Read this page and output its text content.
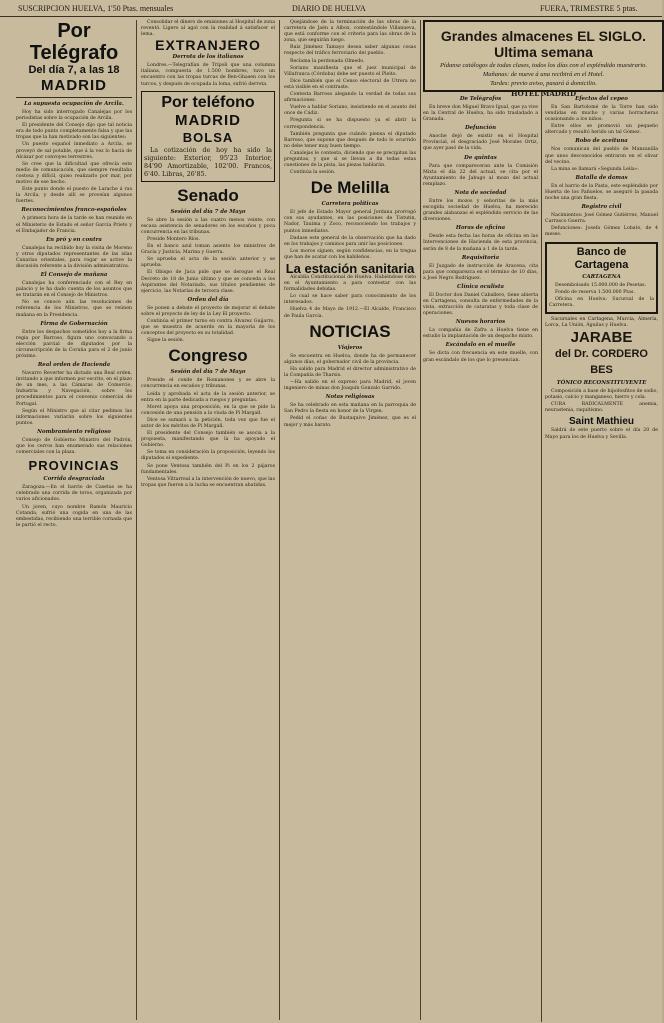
SUSCRIPCION HUELVA, 1'50 Ptas. mensuales	DIARIO DE HUELVA	FUERA, TRIMESTRE 5 ptas.
Por Telégrafo
Del día 7, a las 18
MADRID
La supuesta ocupación de Arcila.

Hoy ha sido interrogado Canalejas por los periodistas sobre la ocupación de Arcila.

El presidente del Consejo dijo que tal noticia era de todo punto completamente falsa y que las tropas que la han motivado son las siguientes:

Un puesto español inmediato a Arcila, se proveyó de sal potable, que á la vez lo hacía de Alcázar por convoyes terrestres.

Se cree que la dificultad que ofrecía este medio de comunicación, que siempre resultaba costosa y difícil, quiso realizarlo por mar, por motivo de ese hecho.

Este punto donde el puesto de Larache á ras la Arcila, y desde allí se proveían algunos fuertes.

Reconocimientos franco-españoles

A primera hora de la tarde se han reunido en el Ministerio de Estado el señor García Prieto y el Embajador de Francia.

En pró y en contra

Canalejas ha recibido hoy la visita de Moreno y otros diputados representantes de las islas Canarias orientales, para rogar se active la discusión referente a la división administrativa.

El Consejo de mañana

Canalejas ha conferenciado con el Rey en palacio y le ha dado cuenta de los asuntos que se tratarán en el Consejo de Ministros.

No se conoce aún las resoluciones de referencia de los Ministros, que se reúnen mañana en la Presidencia.

Firma de Gobernación

Entre los despachos sometidos hoy a la firma regia por Barroso, figura uno convocando a elección parcial de diputados por la circunscripción de la Coruña para el 2 de junio próximo.

Real orden de Hacienda

Navarro Reverter ha dictado una Real orden, invitando a que informen por escrito, en el plazo de un mes, a las Cámaras de Comercio, Industria y Navegación, sobre los procedimientos para el convenio comercial de Portugal.

Según el Ministro que al citar pedimos las informaciones variarán sobre los siguientes puntos.

Nombramiento religioso

Consejo de Gobierno Ministro del Padrón, que los cerros han enumerado sus relaciones comerciales con la plaza.

PROVINCIAS
Corrida desgraciada

Zaragoza.—En el barrio de Casetas se ha celebrado una corrida de toros, organizada por varios aficionados.

Un joven, cuyo nombre Ramón Mauricio Cotanda, sufrió una cogida en una de las embestidas, recibiendo una terrible cornada que le partió el recto.

Consolidar el dinero de emisiones al Hospital de zona reventó. Ligero al agol con la realidad á satisfacer el lema.

EXTRANJERO
Derrota de los italianos

Londres.—Telegrafían de Trípoli que una columna italiana, compuesta de 1.500 hombres, tuvo un encuentro con las tropas turcas de Ben-Ghasen con los turcos, y después de ocupada la loma, sufrió derrota.

Por teléfono
MADRID
BOLSA

La cotización de hoy ha sido la siguiente: Exterior, 95'23 Interior, 84'90 Amortizable, 102'00. Francos, 6'40. Libras, 26'85.

Senado
Sesión del día 7 de Mayo

Se abre la sesión a las cuatro menos veinte, con escasa asistencia de senadores en los escaños y poca concurrencia en las tribunas.

Preside Montero Ríos.

En el banco azul toman asiento los ministros de Gracia y Justicia, Marina y Guerra.

Se aprueba el acta de la sesión anterior y se aprueba.

El Obispo de Jaca pide que se derogue el Real Decreto de 18 de Junio último y que se conceda a los Aspirantes del Notariado, sus títulos pendientes de ejercicio, las Notarías de tercera clase.

Orden del día

Se ponen a debate el proyecto de mejorar el debate sobre el proyecto de ley de la Ley El proyecto.

Continúa el primer turno en contra Álvarez Guijarro, que se muestra de acuerdo en la mayoría de los conceptos del proyecto en su totalidad.

Sigue la sesión.

Congreso
Sesión del día 7 de Mayo

Preside el conde de Romanones y se abre la concurrencia en escaños y tribunas.

Leída y aprobada el acta de la sesión anterior, se entra en la parte dedicada a ruegos y preguntas.

Moret apoya una proposición, en la que se pide la concesión de una pensión a la viuda de Pí Margall.

Dice se sumará a la petición, toda vez que fue el autor de los méritos de Pí Margall.

El presidente del Consejo también se asocia a la propuesta, manifestando que la ha apoyado el Gobierno.

Se toma en consideración la proposición, leyendo los diputados el expediente.

Se pone Ventosa también del Pi en los 2 pájaros fundamentales.

Ventosa Vittarreal a la intervención de nuevo, que las tropas que fueron a la lucha se encuentran abatidas.

Quejándose de la terminación de las obras de la carretera de Jaén a Albox, contestándole Villanueva, que está conforme con el criterio para las obras de la zona, que seguirán luego.

Ruiz Jiménez Tamayo desea saber algunas cosas respecto del tráfico ferroviario del pueblo.

Reclama la perdonada Olmedo.

Soriano manifiesta que el juez municipal de Villafranca (Córdoba) debe ser puesto el Pleito.

Dice también que el Censo electoral de Utrera no está visible en el contraste.

Contesta Barroso alegando la verdad de todas sus afirmaciones.

Vuelve a hablar Soriano, insistiendo en el asunto del once de Cádiz.

Pregunta si se ha dispuesto ya el abrir la correspondencia.

También pregunta que cuándo piensa el diputado Barroso, que supone que después de todo lo ocurrido no debe tener muy buen tiempo.

Canalejas le contesta, diciendo que se precipitan las preguntas, y que si se llevan a fin todas estas cuestiones de la pista, las piezas hablarán.

Contínúa la sesión.

De Melilla
Carretera políticas

El jefe de Estado Mayor general Jordana prorrogó con sus ayudantes, en las posiciones de Tistutin, Nador, Tauima y Zoco, reconociendo los trabajos y puntos inmediatos.

Dadase este general de la observación que ha dado en los trabajos y caminos para unir las posiciones.

Los moros siguen, según confidencias, en la tregua que han de acatar con los kabileños.

La estación sanitaria

Alcaldía Constitucional de Huelva. Habiéndose visto en el Ayuntamiento a para contestar con las formalidades debidas.

Lo cual se hace saber para conocimiento de los interesados.

Huelva 4 de Mayo de 1912.—El Alcalde, Francisco de Paula García.

NOTICIAS
Viajeros

Se encuentra en Huelva, donde ha de permanecer algunos días, el gobernador civil de la provincia.

Ha salido para Madrid el director administrativo de la Compañía de Tharsis.

—Ha salido en el expreso para Madrid, el joven ingeniero de minas don Joaquín Gonzalo Garrido.

Notas religiosas

Se ha celebrado en esta mañana en la parroquia de San Pedro la fiesta en honor de la Virgen.

Pedid el coñac de Bustaquivo Jiménez, que es el mejor y más barato.

Grandes almacenes EL SIGLO. Ultima semana
Pídanse catálogos de todas clases, todos los días con el expléndido muestrario.
Mañanas: de nueve á una recibirá en el Hotel.
Tardes: previo aviso, pasará á domicilio.
HOTEL MADRID
De Telégrafos

En breve don Miguel Bravo Igual, que ya vive en la Central de Huelva, ha sido trasladado a Granada.

Defunción

Anoche dejó de existir en el Hospital Provincial, el desgraciado José Morales Ortiz, que ayer pasó de la vida.

De quintas

Para que compareceran ante la Comisión Mixta el día 22 del actual, se cita por el Ayuntamiento de Jabugo al mozo del actual remplazo.

Nota de sociedad

Entre los mozos y señoritas de la más escogida sociedad de Huelva, ha merecido grandes alabanzas el espléndido servicio de las diversiones.

Horas de oficina

Desde esta fecha las horas de oficina en las Intervenciones de Hacienda de esta provincia, serán de 8 de la mañana a 1 de la tarde.

Requisitoria

El Juzgado de instrucción de Aracena, cita para que comparezca en el término de 10 días, a José Negro Rodríguez.

Clínica oculista

El Doctor don Daniel Caballero, tiene abierta en Cartagena, consulta de enfermedades de la vista, extracción de cataratas y toda clase de operaciones.

Nuevos horarios

La compañía de Zafra a Huelva tiene en estudio la implantación de un despacho mixto.

Escándalo en el muelle

Se dicta con frecuencia en este muelle, con gran escándalo de los que lo presencian.

Efectos del cepeo

En San Bartolomé de la Torre han sido vendidas en mucho y varias borracheras ocasionando a los niños.

Entre ellos se promovió un pequeño altercado y resultó herido un tal Gómez.

Robo de aceituna

Nos comunican del pueblo de Manzanilla que unos desconocidos entraron en el olivar del vecino.

La mina se llamará «Segunda Leila».

Batalla de damas

En el barrio de la Pasta, este espléndido por Huerta de los Pañuelos, se aseguró la pasada noche una gran fiesta.

Registro civil

Nacimientos: José Gómez Gutiérrez, Manuel Carrasco Guerra.

Defunciones: Josefa Gómez Lobato, de 4 meses.

Banco de Cartagena
CARTAGENA

Desembolsado 15.000.000 de Pesetas.

Fondo de reserva 1.500.000 Ptas.

Oficina en Huelva: Sucursal de la Carretera.

Sucursales en Cartagena, Murcia, Almería, Lorca, La Unión, Águilas y Huelva.

JARABE
del Dr. CORDERO BES
TÓNICO RECONSTITUYENTE

Composición a base de hipofosfitos de sodio, potasio, calcio y manganeso, hierro y cola.

CURA RADICALMENTE anemia, neurastenia, raquitismo.

Saint Mathieu

Saldrá de este puerto sobre el día 20 de Mayo para los de Huelva y Sevilla.
